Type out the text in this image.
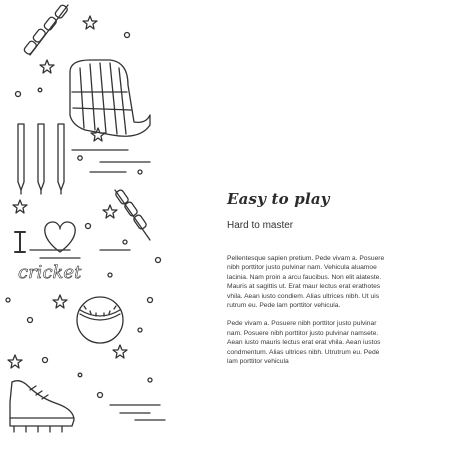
cricket
Easy to play
Hard to master

Pellentesque sapien pretium. Pede vivam a. Posuere
nibh porttitor justo pulvinar nam. Vehicula aluamoe
lacinia. Nam proin a arcu faucibus. Non elit alateste.
Mauris at sagittis ut. Erat maur lectus erat erathotes
vhila. Aean iusto condiem. Alias ultrices nibh. Ut uis
rutrum eu. Pede lam porttitor vehicula.

Pede vivam a. Posuere nibh porttitor justo pulvinar
nam. Posuere nibh porttitor justo pulvinar namsete.
Aean iusto mauris lectus erat erat vhila. Aean iustos
condmentum. Alias ultrices nibh. Utrutrum eu. Pede
lam porttitor vehicula
